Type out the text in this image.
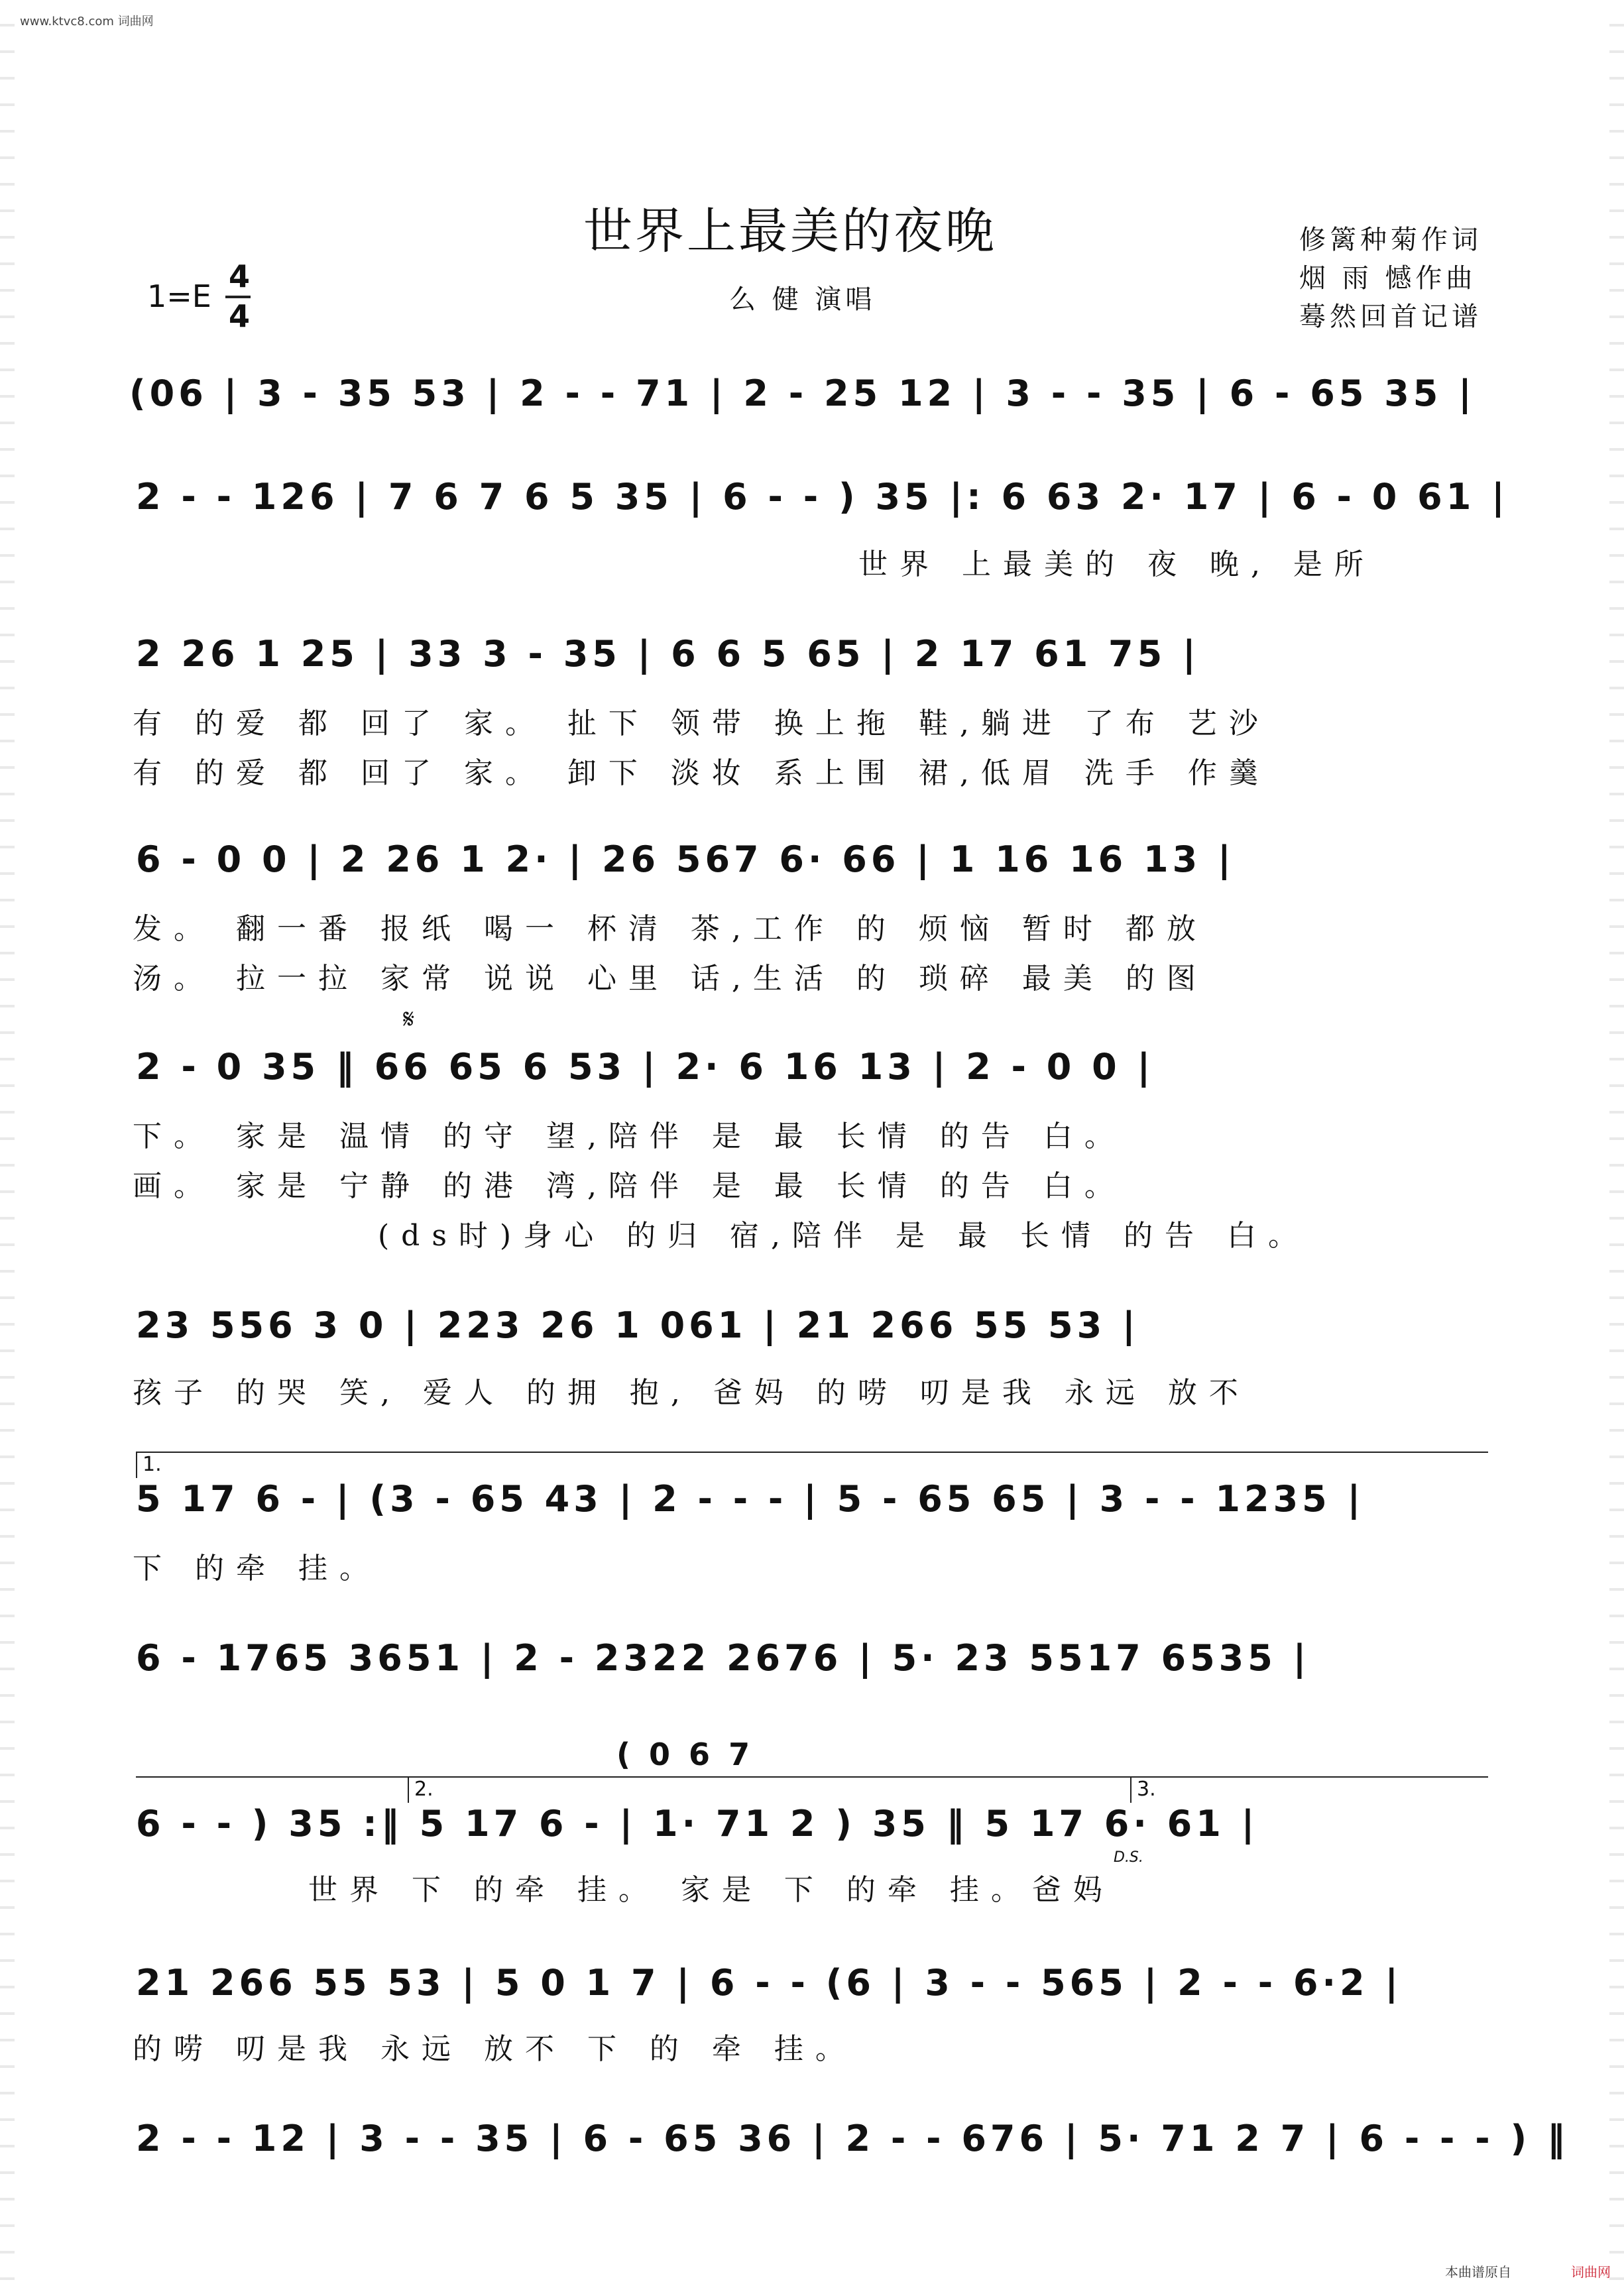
www.ktvc8.com 词曲网
世界上最美的夜晚	修篱种菊作词
烟 雨 憾作曲
蓦然回首记谱
1=E
4
4	么 健 演唱
(06 | 3 - 35 53 | 2 - - 71 | 2 - 25 12 | 3 - - 35 | 6 - 65 35 |
2 - - 126 | 7 6 7 6 5 35 | 6 - - ) 35 |: 6 63 2· 17 | 6 - 0 61 |
世界 上最美的 夜 晚, 是所
2 26 1 25 | 33 3 - 35 | 6 6 5 65 | 2 17 61 75 |
有 的爱 都 回了 家。 扯下 领带 换上拖 鞋,躺进 了布 艺沙
有 的爱 都 回了 家。 卸下 淡妆 系上围 裙,低眉 洗手 作羹
6 - 0 0 | 2 26 1 2· | 26 567 6· 66 | 1 16 16 13 |
发。 翻一番 报纸 喝一 杯清 茶,工作 的 烦恼 暂时 都放
汤。 拉一拉 家常 说说 心里 话,生活 的 琐碎 最美 的图
𝄋
2 - 0 35 ‖ 66 65 6 53 | 2· 6 16 13 | 2 - 0 0 |
下。 家是 温情 的守 望,陪伴 是 最 长情 的告 白。
画。 家是 宁静 的港 湾,陪伴 是 最 长情 的告 白。
(ds时)身心 的归 宿,陪伴 是 最 长情 的告 白。
23 556 3 0 | 223 26 1 061 | 21 266 55 53 |
孩子 的哭 笑, 爱人 的拥 抱, 爸妈 的唠 叨是我 永远 放不
1.
5 17 6 - | (3 - 65 43 | 2 - - - | 5 - 65 65 | 3 - - 1235 |
下 的牵 挂。
6 - 1765 3651 | 2 - 2322 2676 | 5· 23 5517 6535 |
2.	3.
( 0 6 7
6 - - ) 35 :‖ 5 17 6 - | 1· 71 2 ) 35 ‖ 5 17 6· 61 |
世界 下 的牵 挂。 家是 下 的牵 挂。爸妈
D.S.
21 266 55 53 | 5 0 1 7 | 6 - - (6 | 3 - - 565 | 2 - - 6·2 |
的唠 叨是我 永远 放不 下 的 牵 挂。
2 - - 12 | 3 - - 35 | 6 - 65 36 | 2 - - 676 | 5· 71 2 7 | 6 - - - ) ‖
本曲谱原自	词曲网
